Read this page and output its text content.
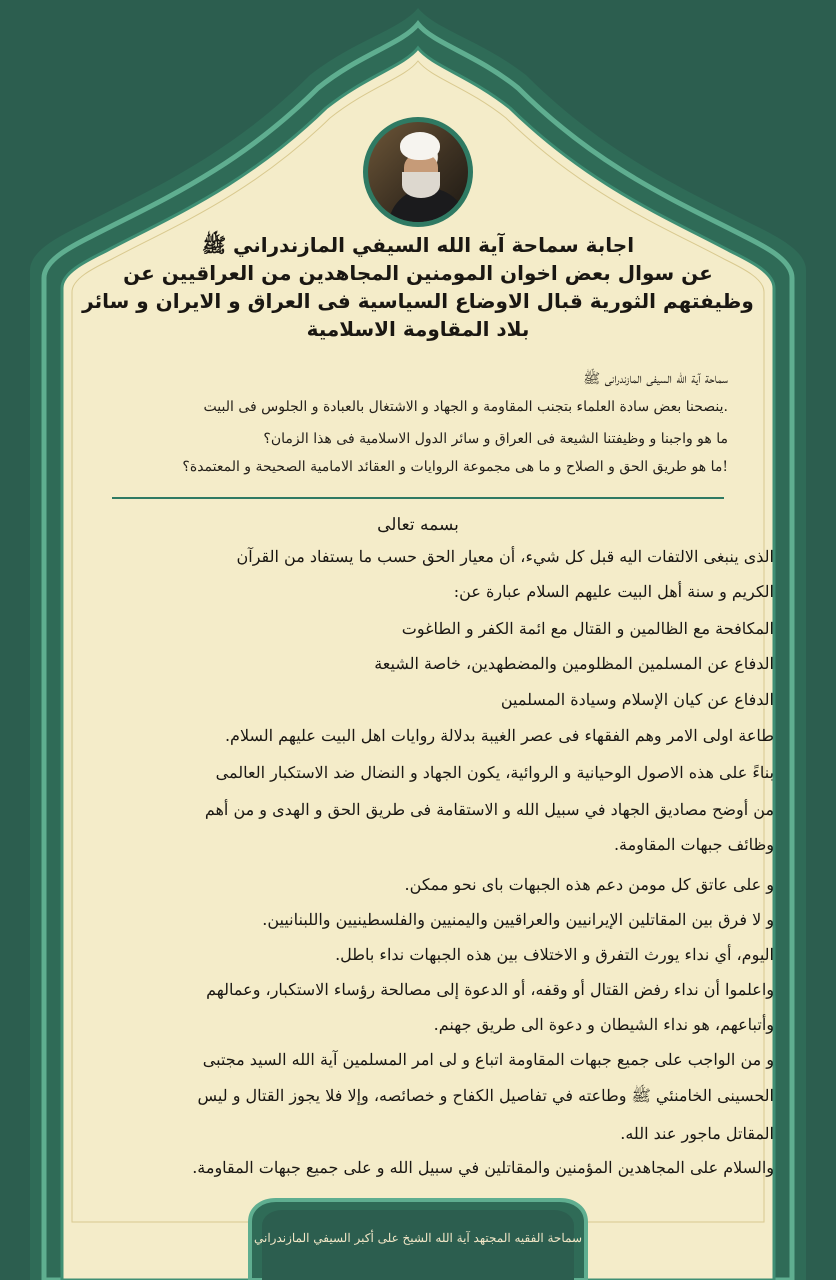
اجابة سماحة آية الله السيفي المازندراني ﷺ
عن سوال بعض اخوان المومنين المجاهدين من العراقيين عن
وظيفتهم الثورية قبال الاوضاع السياسية فى العراق و الايران و سائر
بلاد المقاومة الاسلامية
سماحة آية الله السيفى المازندرانى ﷺ
ينصحنا بعض سادة العلماء بتجنب المقاومة و الجهاد و الاشتغال بالعبادة و الجلوس فى البيت.
ما هو واجبنا و وظيفتنا الشيعة فى العراق و سائر الدول الاسلامية فى هذا الزمان؟
ما هو طريق الحق و الصلاح و ما هى مجموعة الروايات و العقائد الامامية الصحيحة و المعتمدة؟!
بسمه تعالى
الذى ينبغى الالتفات اليه قبل كل شيء، أن معيار الحق حسب ما يستفاد من القرآن
الكريم و سنة أهل البيت عليهم السلام عبارة عن:
المكافحة مع الظالمين و القتال مع ائمة الكفر و الطاغوت
الدفاع عن المسلمين المظلومين والمضطهدين، خاصة الشيعة
الدفاع عن كيان الإسلام وسيادة المسلمين
طاعة اولى الامر وهم الفقهاء فى عصر الغيبة بدلالة روايات اهل البيت عليهم السلام.
بناءً على هذه الاصول الوحيانية و الروائية، يكون الجهاد و النضال ضد الاستكبار العالمى
من أوضح مصاديق الجهاد في سبيل الله و الاستقامة فى طريق الحق و الهدى و من أهم
وظائف جبهات المقاومة.
و على عاتق كل مومن دعم هذه الجبهات باى نحو ممكن.
و لا فرق بين المقاتلين الإيرانيين والعراقيين واليمنيين والفلسطينيين واللبنانيين.
اليوم، أي نداء يورث التفرق و الاختلاف بين هذه الجبهات نداء باطل.
واعلموا أن نداء رفض القتال أو وقفه، أو الدعوة إلى مصالحة رؤساء الاستكبار، وعمالهم
وأتباعهم، هو نداء الشيطان و دعوة الى طريق جهنم.
و من الواجب على جميع جبهات المقاومة اتباع و لى امر المسلمين آية الله السيد مجتبى
الحسينى الخامنئي ﷺ وطاعته في تفاصيل الكفاح و خصائصه، وإلا فلا يجوز القتال و ليس
المقاتل ماجور عند الله.
والسلام على المجاهدين المؤمنين والمقاتلين في سبيل الله و على جميع جبهات المقاومة.
سماحة الفقيه المجتهد آية الله الشيخ على أكبر السيفي المازندراني
